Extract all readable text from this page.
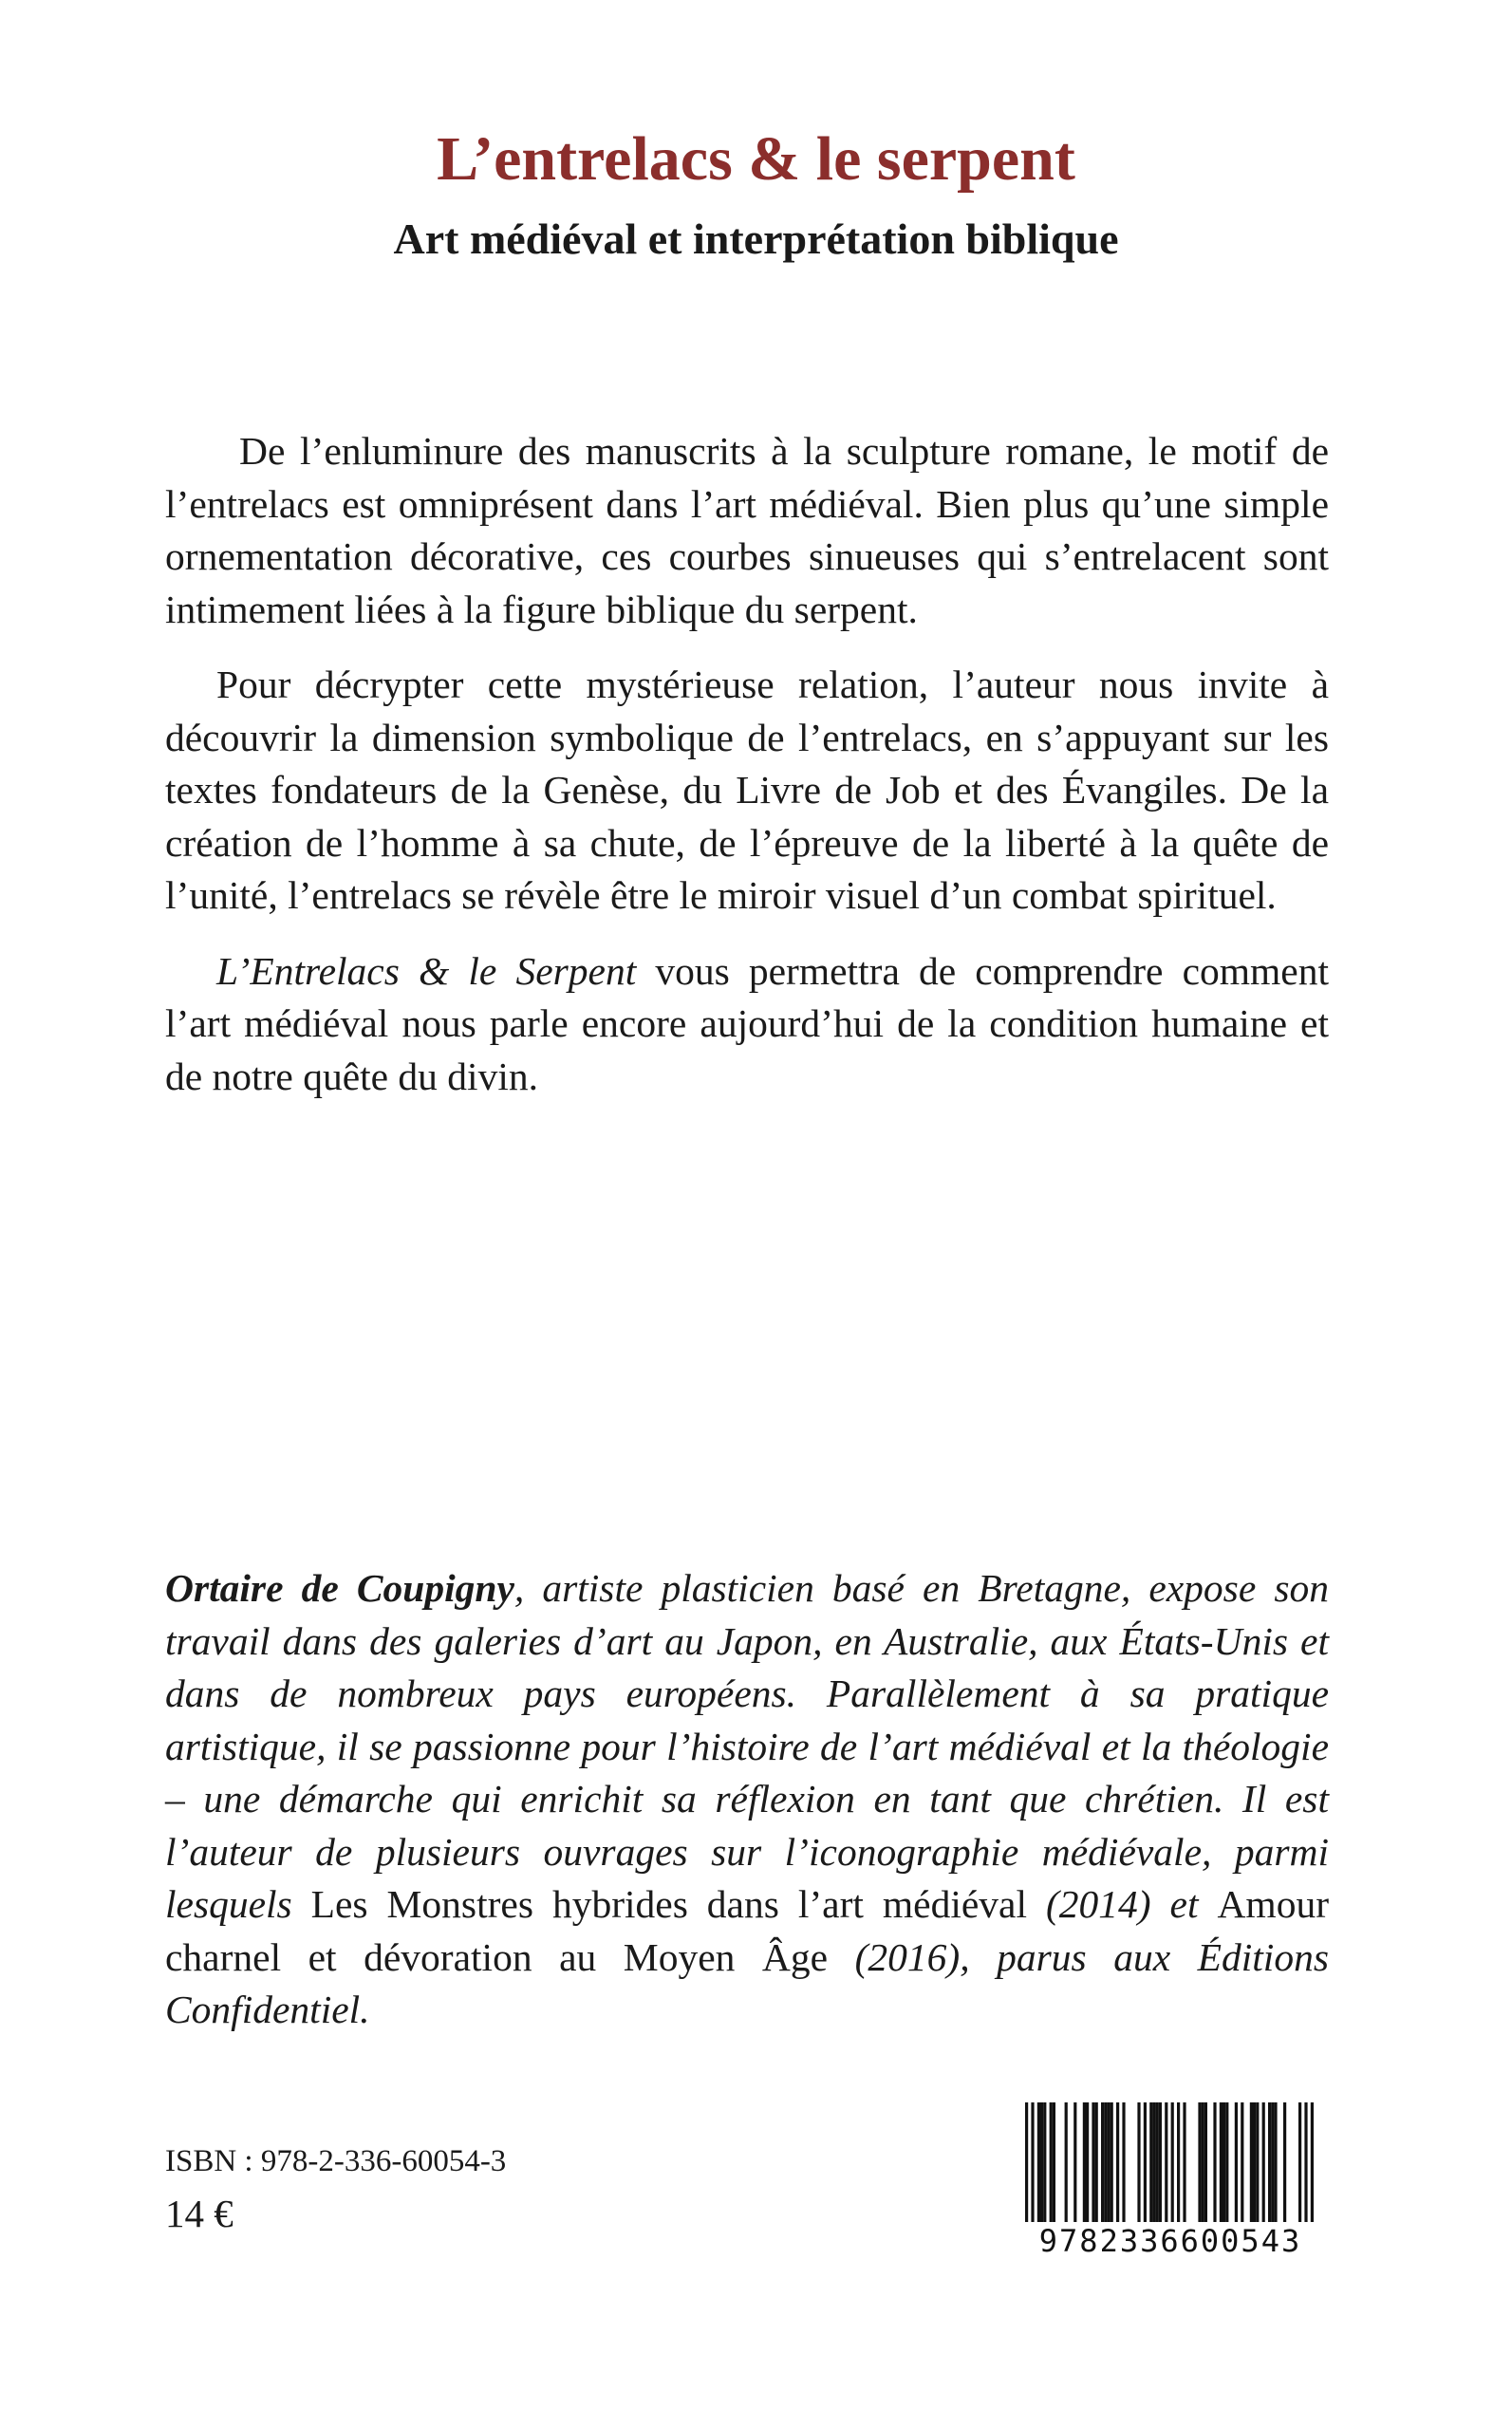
L’entrelacs & le serpent
Art médiéval et interprétation biblique

De l’enluminure des manuscrits à la sculpture romane, le motif de l’entrelacs est omniprésent dans l’art médiéval. Bien plus qu’une simple ornementation décorative, ces courbes sinueuses qui s’entrelacent sont intimement liées à la figure biblique du serpent.

Pour décrypter cette mystérieuse relation, l’auteur nous invite à découvrir la dimension symbolique de l’entrelacs, en s’appuyant sur les textes fondateurs de la Genèse, du Livre de Job et des Évangiles. De la création de l’homme à sa chute, de l’épreuve de la liberté à la quête de l’unité, l’entrelacs se révèle être le miroir visuel d’un combat spirituel.

L’Entrelacs & le Serpent vous permettra de comprendre comment l’art médiéval nous parle encore aujourd’hui de la condition humaine et de notre quête du divin.

Ortaire de Coupigny, artiste plasticien basé en Bretagne, expose son travail dans des galeries d’art au Japon, en Australie, aux États-Unis et dans de nombreux pays européens. Parallèlement à sa pratique artistique, il se passionne pour l’histoire de l’art médiéval et la théologie – une démarche qui enrichit sa réflexion en tant que chrétien. Il est l’auteur de plusieurs ouvrages sur l’iconographie médiévale, parmi lesquels Les Monstres hybrides dans l’art médiéval (2014) et Amour charnel et dévoration au Moyen Âge (2016), parus aux Éditions Confidentiel.
ISBN : 978-2-336-60054-3
14 €
9782336600543
